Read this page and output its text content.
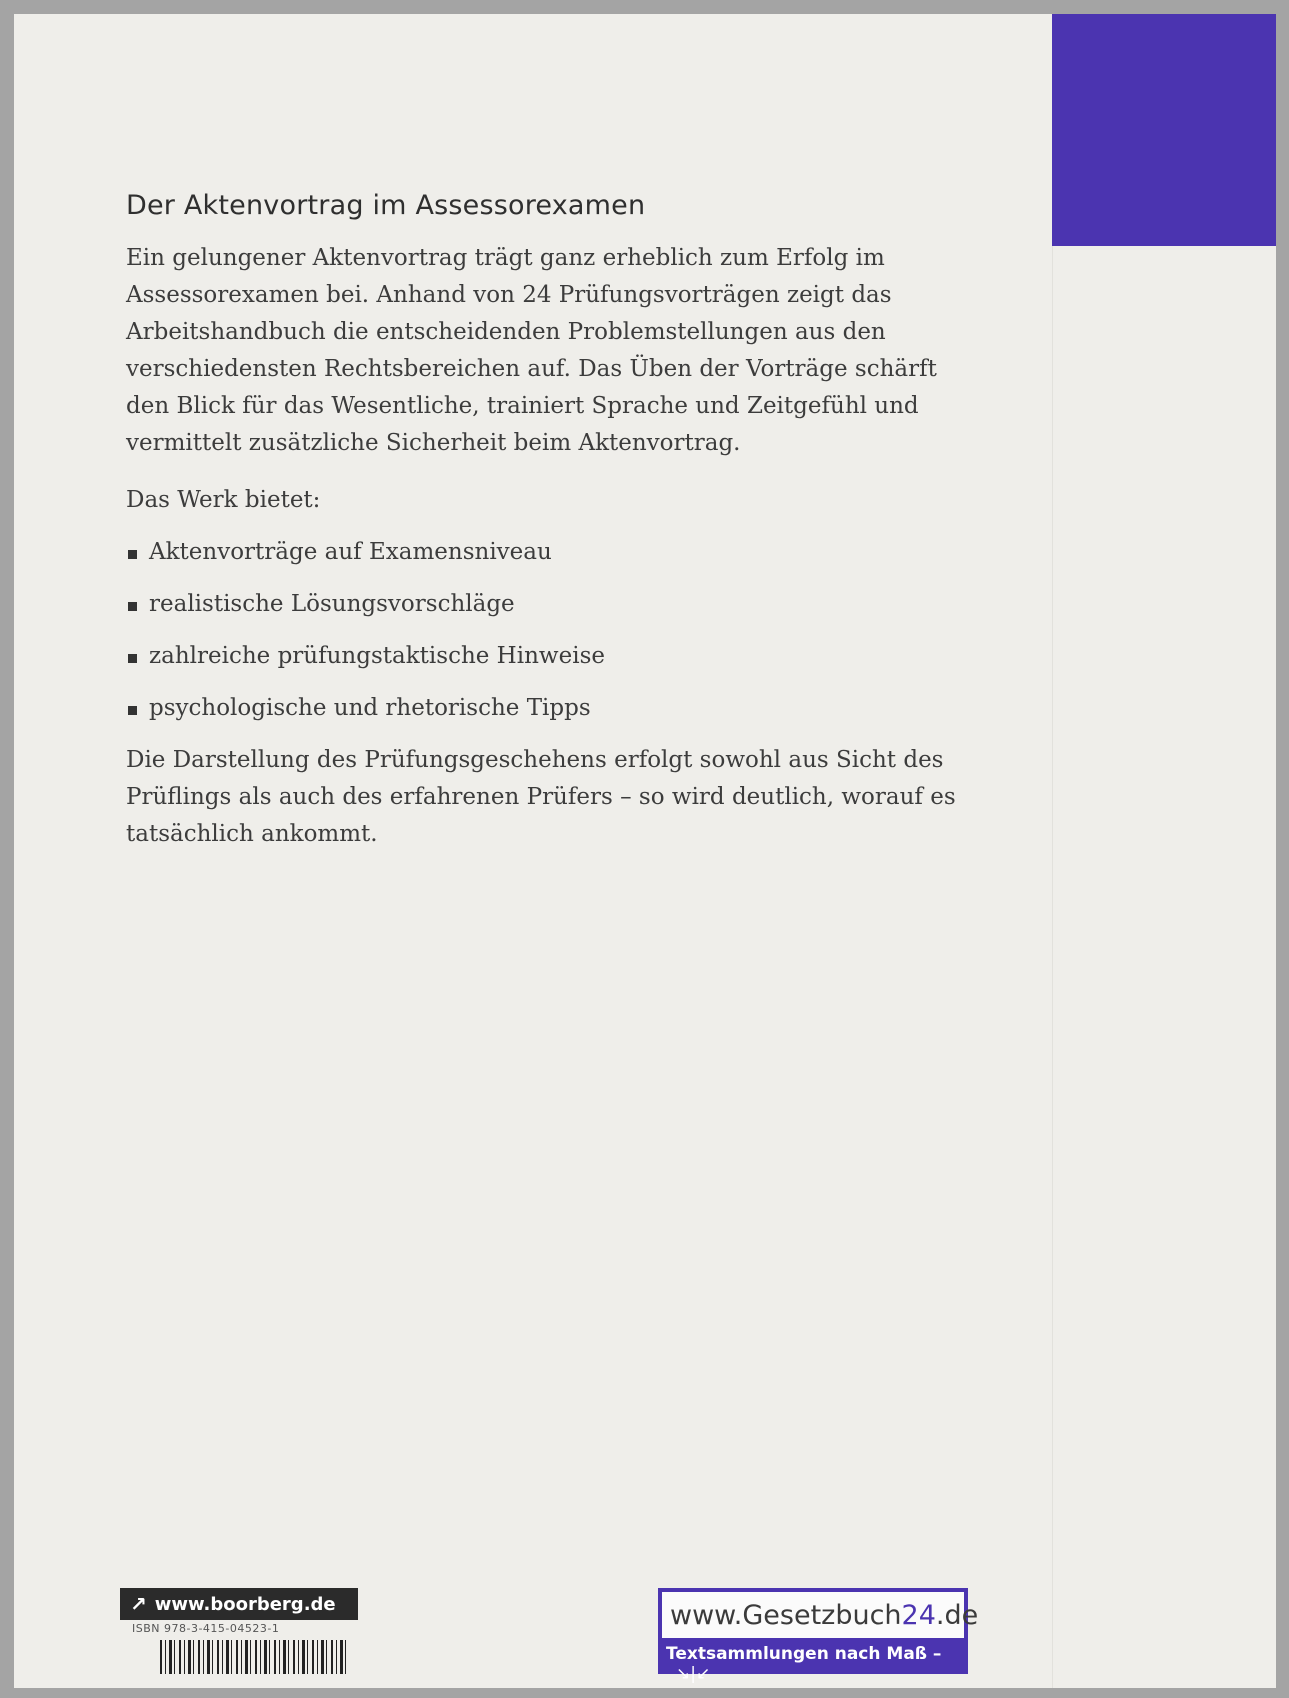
Der Aktenvortrag im Assessorexamen

Ein gelungener Aktenvortrag trägt ganz erheblich zum Erfolg im Assessorexamen bei. Anhand von 24 Prüfungsvorträgen zeigt das Arbeitshandbuch die entscheidenden Problemstellungen aus den verschiedensten Rechtsbereichen auf. Das Üben der Vorträge schärft den Blick für das Wesentliche, trainiert Sprache und Zeitgefühl und vermittelt zusätzliche Sicherheit beim Aktenvortrag.

Das Werk bietet:

Aktenvorträge auf Examensniveau
realistische Lösungsvorschläge
zahlreiche prüfungstaktische Hinweise
psychologische und rhetorische Tipps

Die Darstellung des Prüfungsgeschehens erfolgt sowohl aus Sicht des Prüflings als auch des erfahrenen Prüfers – so wird deutlich, worauf es tatsächlich ankommt.

↗ www.boorberg.de
ISBN 978-3-415-04523-1	www.Gesetzbuch 24 .de
Textsammlungen nach Maß – ↘|↙
